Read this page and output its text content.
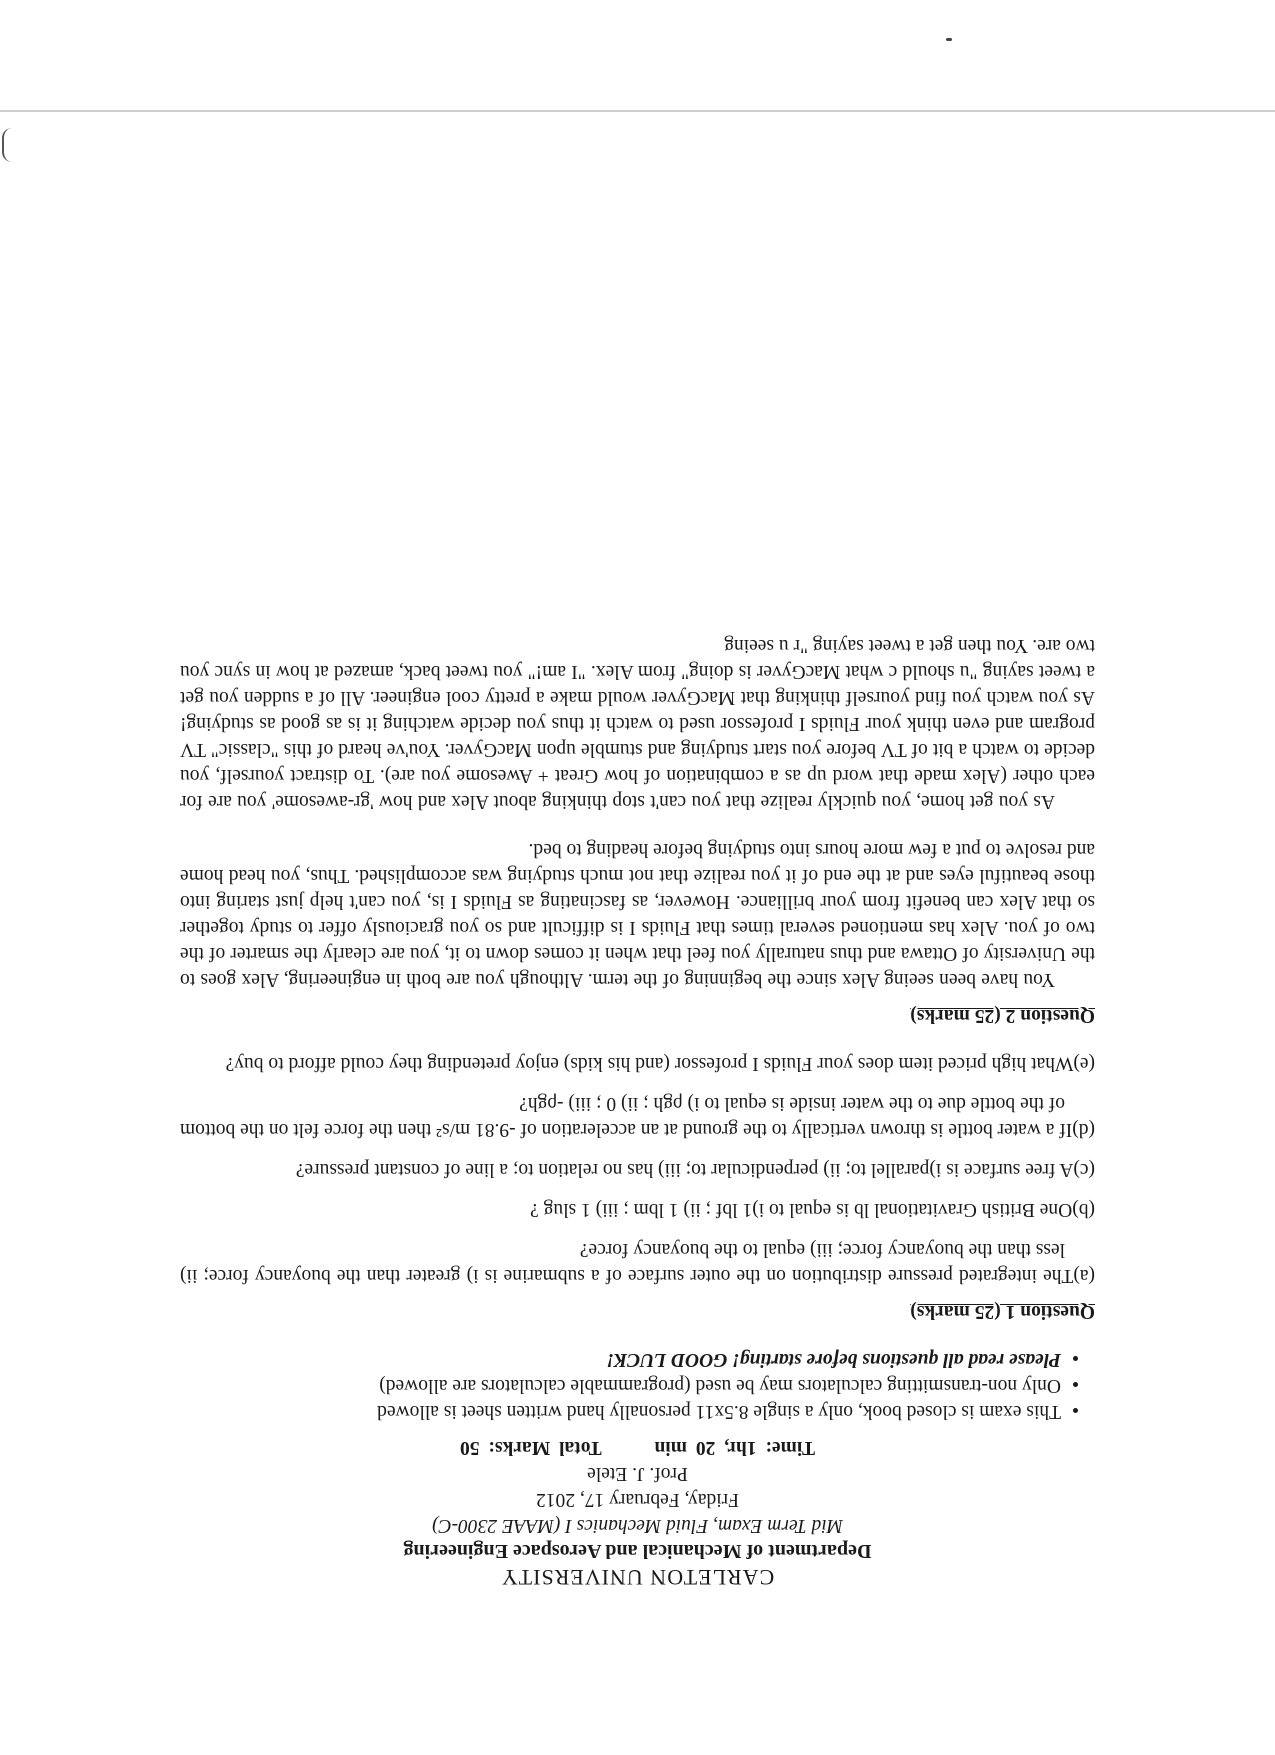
CARLETON UNIVERSITY
Department of Mechanical and Aerospace Engineering
Mid Term Exam, Fluid Mechanics I (MAAE 2300-C)
Friday, February 17, 2012
Prof. J. Etele
Time: 1hr, 20 min Total Marks: 50
• This exam is closed book, only a single 8.5x11 personally hand written sheet is allowed
• Only non-transmitting calculators may be used (programmable calculators are allowed)
• Please read all questions before starting! GOOD LUCK!
Question 1 (25 marks)
(a)The integrated pressure distribution on the outer surface of a submarine is i) greater than the buoyancy force; ii) less than the buoyancy force; iii) equal to the buoyancy force?
(b)One British Gravitational lb is equal to i)1 lbf ; ii) 1 lbm ; iii) 1 slug ?
(c)A free surface is i)parallel to; ii) perpendicular to; iii) has no relation to; a line of constant pressure?
(d)If a water bottle is thrown vertically to the ground at an acceleration of -9.81 m/s² then the force felt on the bottom of the bottle due to the water inside is equal to i) ρgh ; ii) 0 ; iii) -ρgh?
(e)What high priced item does your Fluids I professor (and his kids) enjoy pretending they could afford to buy?
Question 2 (25 marks)
You have been seeing Alex since the beginning of the term. Although you are both in engineering, Alex goes to the University of Ottawa and thus naturally you feel that when it comes down to it, you are clearly the smarter of the two of you. Alex has mentioned several times that Fluids I is difficult and so you graciously offer to study together so that Alex can benefit from your brilliance. However, as fascinating as Fluids I is, you can't help just staring into those beautiful eyes and at the end of it you realize that not much studying was accomplished. Thus, you head home and resolve to put a few more hours into studying before heading to bed.
As you get home, you quickly realize that you can't stop thinking about Alex and how 'gr-awesome' you are for each other (Alex made that word up as a combination of how Great + Awesome you are). To distract yourself, you decide to watch a bit of TV before you start studying and stumble upon MacGyver. You've heard of this "classic" TV program and even think your Fluids I professor used to watch it thus you decide watching it is as good as studying! As you watch you find yourself thinking that MacGyver would make a pretty cool engineer. All of a sudden you get a tweet saying "u should c what MacGyver is doing" from Alex. "I am!" you tweet back, amazed at how in sync you two are. You then get a tweet saying "r u seeing
